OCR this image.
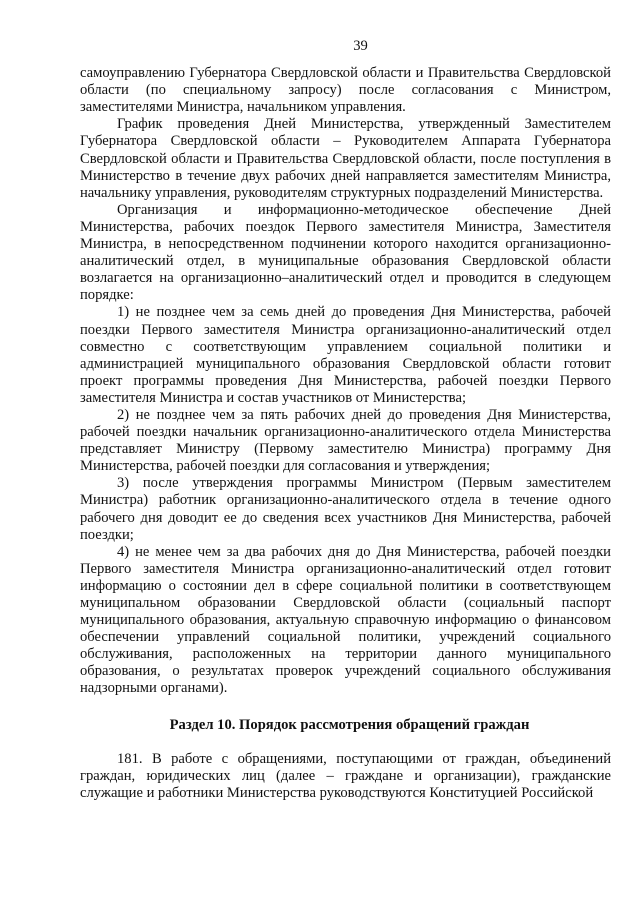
39

самоуправлению Губернатора Свердловской области и Правительства Свердловской области (по специальному запросу) после согласования с Министром, заместителями Министра, начальником управления.

График проведения Дней Министерства, утвержденный Заместителем Губернатора Свердловской области – Руководителем Аппарата Губернатора Свердловской области и Правительства Свердловской области, после поступления в Министерство в течение двух рабочих дней направляется заместителям Министра, начальнику управления, руководителям структурных подразделений Министерства.

Организация и информационно-методическое обеспечение Дней Министерства, рабочих поездок Первого заместителя Министра, Заместителя Министра, в непосредственном подчинении которого находится организационно-аналитический отдел, в муниципальные образования Свердловской области возлагается на организационно–аналитический отдел и проводится в следующем порядке:

1) не позднее чем за семь дней до проведения Дня Министерства, рабочей поездки Первого заместителя Министра организационно-аналитический отдел совместно с соответствующим управлением социальной политики и администрацией муниципального образования Свердловской области готовит проект программы проведения Дня Министерства, рабочей поездки Первого заместителя Министра и состав участников от Министерства;

2) не позднее чем за пять рабочих дней до проведения Дня Министерства, рабочей поездки начальник организационно-аналитического отдела Министерства представляет Министру (Первому заместителю Министра) программу Дня Министерства, рабочей поездки для согласования и утверждения;

3) после утверждения программы Министром (Первым заместителем Министра) работник организационно-аналитического отдела в течение одного рабочего дня доводит ее до сведения всех участников Дня Министерства, рабочей поездки;

4) не менее чем за два рабочих дня до Дня Министерства, рабочей поездки Первого заместителя Министра организационно-аналитический отдел готовит информацию о состоянии дел в сфере социальной политики в соответствующем муниципальном образовании Свердловской области (социальный паспорт муниципального образования, актуальную справочную информацию о финансовом обеспечении управлений социальной политики, учреждений социального обслуживания, расположенных на территории данного муниципального образования, о результатах проверок учреждений социального обслуживания надзорными органами).

Раздел 10. Порядок рассмотрения обращений граждан

181. В работе с обращениями, поступающими от граждан, объединений граждан, юридических лиц (далее – граждане и организации), гражданские служащие и работники Министерства руководствуются Конституцией Российской
